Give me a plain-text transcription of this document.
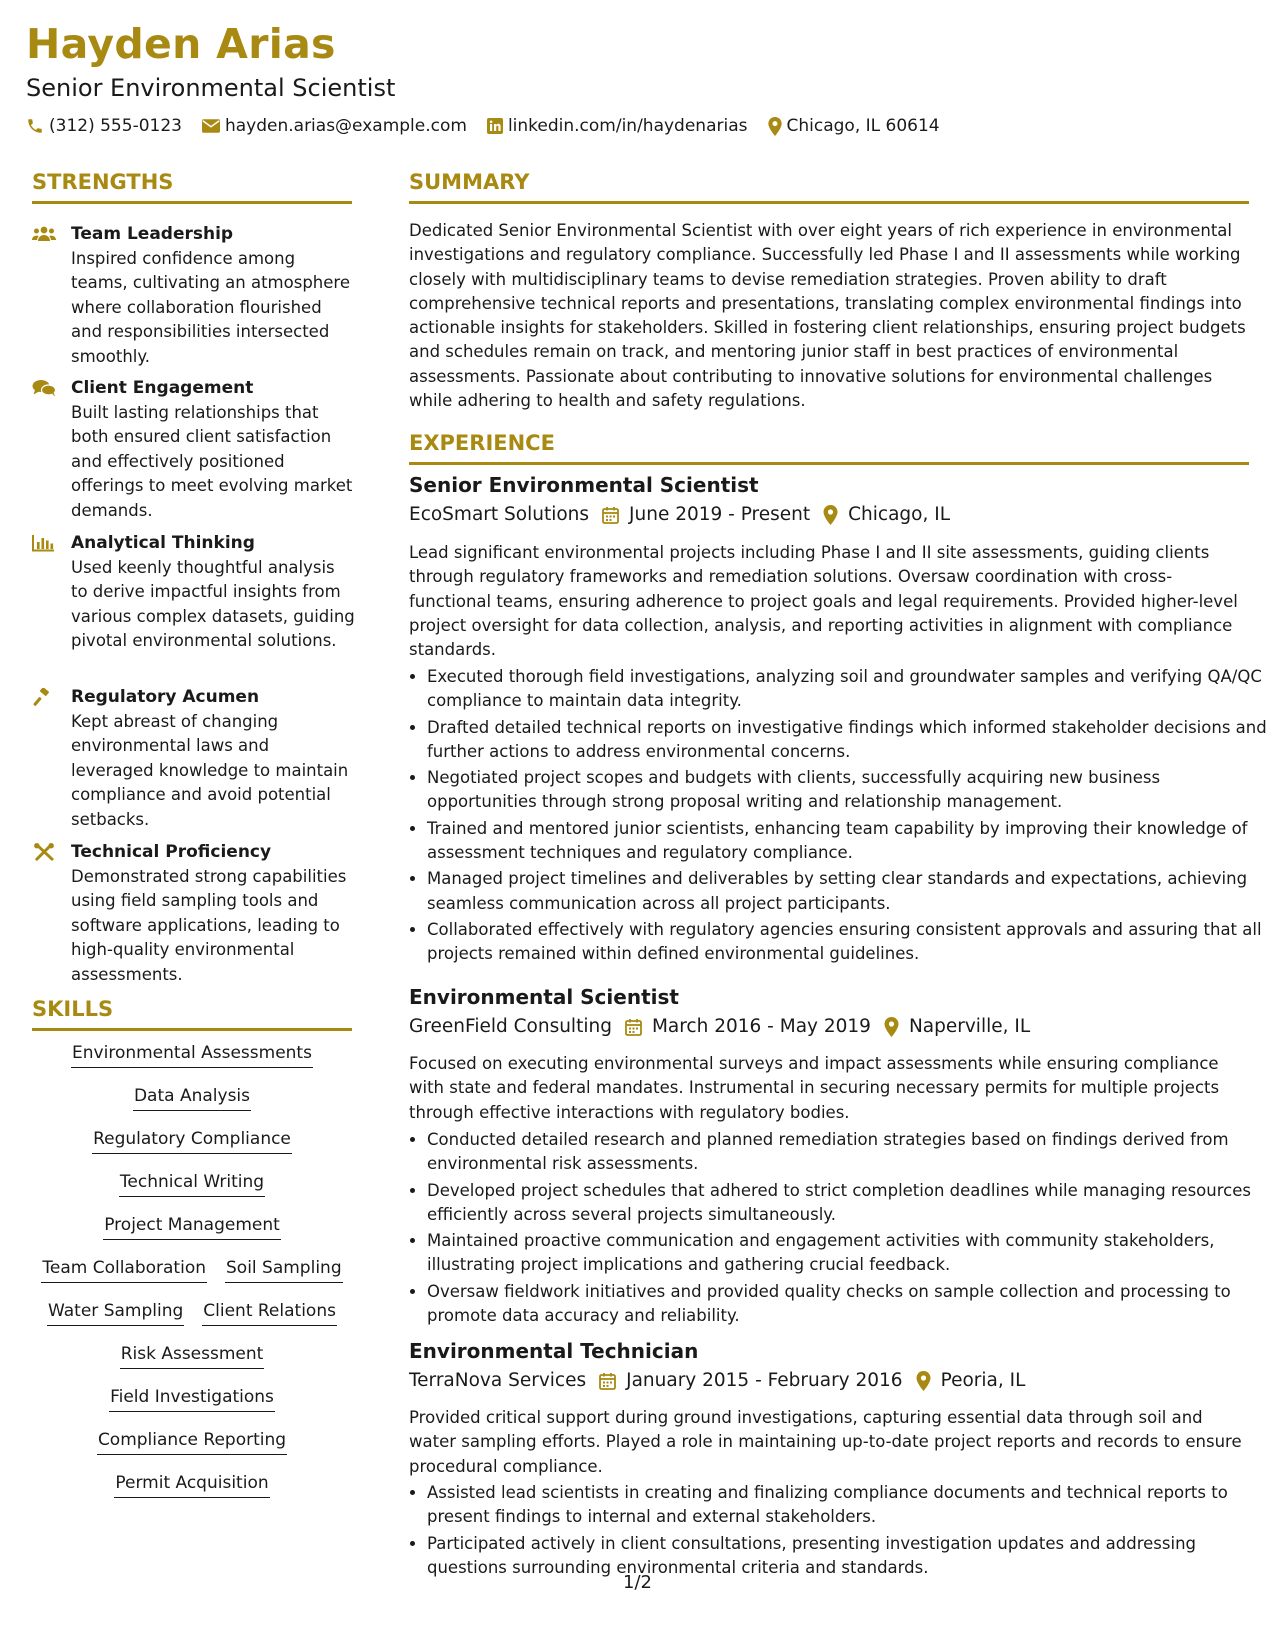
Hayden Arias
Senior Environmental Scientist
(312) 555-0123	hayden.arias@example.com linkedin.com/in/haydenarias Chicago, IL 60614
STRENGTHS
Team Leadership
Inspired confidence among teams, cultivating an atmosphere where collaboration flourished and responsibilities intersected smoothly.
Client Engagement
Built lasting relationships that both ensured client satisfaction and effectively positioned offerings to meet evolving market demands.
Analytical Thinking
Used keenly thoughtful analysis to derive impactful insights from various complex datasets, guiding pivotal environmental solutions.
Regulatory Acumen
Kept abreast of changing environmental laws and leveraged knowledge to maintain compliance and avoid potential setbacks.
Technical Proficiency
Demonstrated strong capabilities using field sampling tools and software applications, leading to high-quality environmental assessments.
SKILLS
Environmental Assessments
Data Analysis
Regulatory Compliance
Technical Writing
Project Management
Team Collaboration Soil Sampling
Water Sampling Client Relations
Risk Assessment
Field Investigations
Compliance Reporting
Permit Acquisition
SUMMARY
Dedicated Senior Environmental Scientist with over eight years of rich experience in environmental investigations and regulatory compliance. Successfully led Phase I and II assessments while working closely with multidisciplinary teams to devise remediation strategies. Proven ability to draft comprehensive technical reports and presentations, translating complex environmental findings into actionable insights for stakeholders. Skilled in fostering client relationships, ensuring project budgets and schedules remain on track, and mentoring junior staff in best practices of environmental assessments. Passionate about contributing to innovative solutions for environmental challenges while adhering to health and safety regulations.
EXPERIENCE
Senior Environmental Scientist
EcoSmart Solutions June 2019 - Present Chicago, IL
Lead significant environmental projects including Phase I and II site assessments, guiding clients through regulatory frameworks and remediation solutions. Oversaw coordination with cross-functional teams, ensuring adherence to project goals and legal requirements. Provided higher-level project oversight for data collection, analysis, and reporting activities in alignment with compliance standards.
• Executed thorough field investigations, analyzing soil and groundwater samples and verifying QA/QC compliance to maintain data integrity.
• Drafted detailed technical reports on investigative findings which informed stakeholder decisions and further actions to address environmental concerns.
• Negotiated project scopes and budgets with clients, successfully acquiring new business opportunities through strong proposal writing and relationship management.
• Trained and mentored junior scientists, enhancing team capability by improving their knowledge of assessment techniques and regulatory compliance.
• Managed project timelines and deliverables by setting clear standards and expectations, achieving seamless communication across all project participants.
• Collaborated effectively with regulatory agencies ensuring consistent approvals and assuring that all projects remained within defined environmental guidelines.
Environmental Scientist
GreenField Consulting March 2016 - May 2019 Naperville, IL
Focused on executing environmental surveys and impact assessments while ensuring compliance with state and federal mandates. Instrumental in securing necessary permits for multiple projects through effective interactions with regulatory bodies.
• Conducted detailed research and planned remediation strategies based on findings derived from environmental risk assessments.
• Developed project schedules that adhered to strict completion deadlines while managing resources efficiently across several projects simultaneously.
• Maintained proactive communication and engagement activities with community stakeholders, illustrating project implications and gathering crucial feedback.
• Oversaw fieldwork initiatives and provided quality checks on sample collection and processing to promote data accuracy and reliability.
Environmental Technician
TerraNova Services January 2015 - February 2016 Peoria, IL
Provided critical support during ground investigations, capturing essential data through soil and water sampling efforts. Played a role in maintaining up-to-date project reports and records to ensure procedural compliance.
• Assisted lead scientists in creating and finalizing compliance documents and technical reports to present findings to internal and external stakeholders.
• Participated actively in client consultations, presenting investigation updates and addressing questions surrounding environmental criteria and standards.
1/2
